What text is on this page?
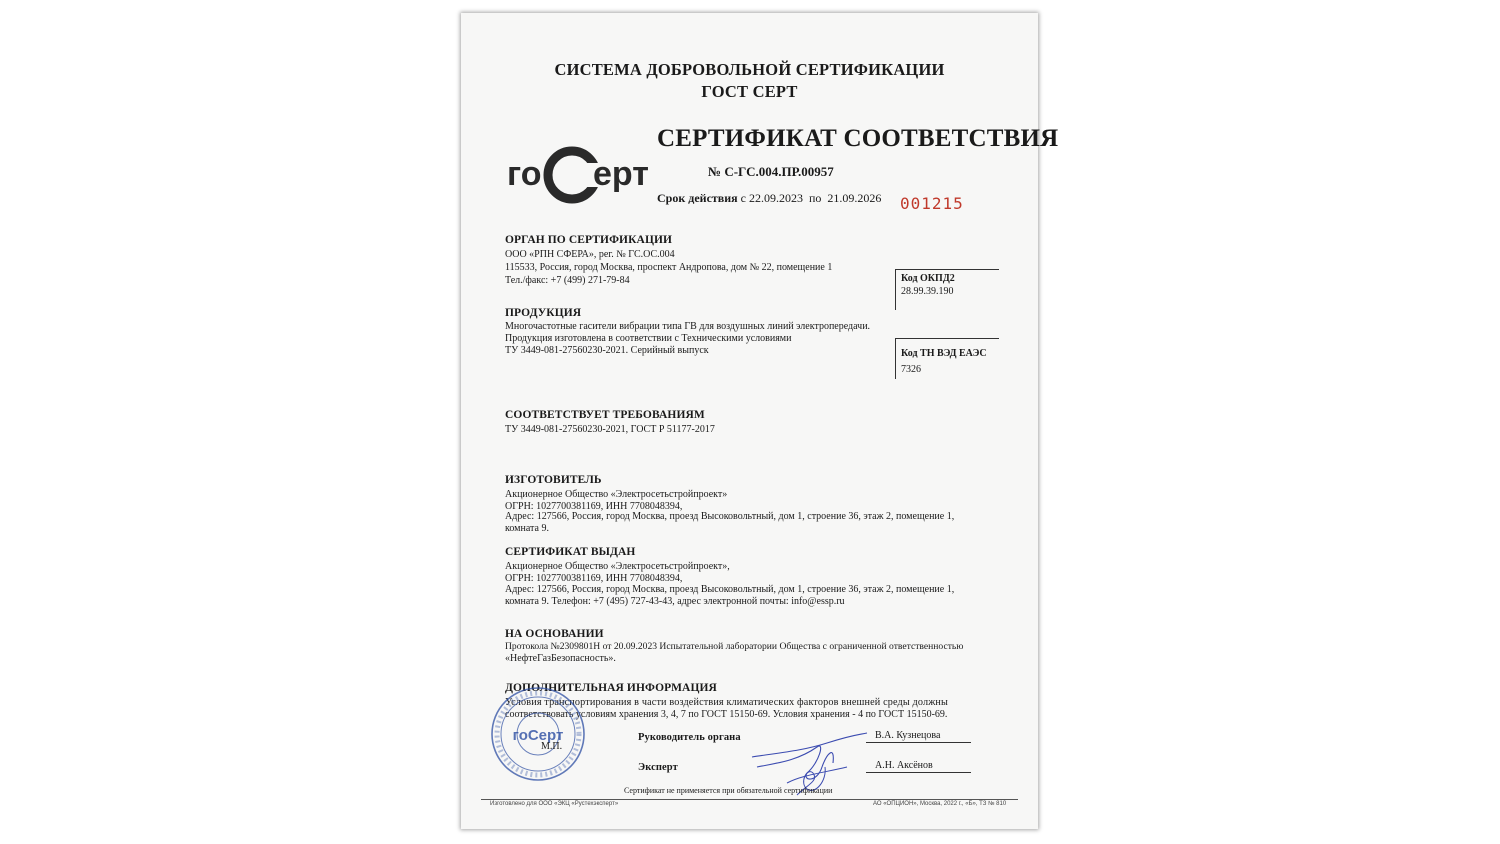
СИСТЕМА ДОБРОВОЛЬНОЙ СЕРТИФИКАЦИИ
ГОСТ СЕРТ
го ерт
СЕРТИФИКАТ СООТВЕТСТВИЯ
№ С-ГС.004.ПР.00957
Срок действия с 22.09.2023 по 21.09.2026 001215
ОРГАН ПО СЕРТИФИКАЦИИ
ООО «РПН СФЕРА», рег. № ГС.ОС.004
115533, Россия, город Москва, проспект Андропова, дом № 22, помещение 1
Тел./факс: +7 (499) 271-79-84	Код ОКПД2
28.99.39.190
ПРОДУКЦИЯ
Многочастотные гасители вибрации типа ГВ для воздушных линий электропередачи.
Продукция изготовлена в соответствии с Техническими условиями
ТУ 3449-081-27560230-2021. Серийный выпуск	Код ТН ВЭД ЕАЭС
7326
СООТВЕТСТВУЕТ ТРЕБОВАНИЯМ
ТУ 3449-081-27560230-2021, ГОСТ Р 51177-2017
ИЗГОТОВИТЕЛЬ
Акционерное Общество «Электросетьстройпроект»
ОГРН: 1027700381169, ИНН 7708048394,
Адрес: 127566, Россия, город Москва, проезд Высоковольтный, дом 1, строение 36, этаж 2, помещение 1,
комната 9.
СЕРТИФИКАТ ВЫДАН
Акционерное Общество «Электросетьстройпроект»,
ОГРН: 1027700381169, ИНН 7708048394,
Адрес: 127566, Россия, город Москва, проезд Высоковольтный, дом 1, строение 36, этаж 2, помещение 1,
комната 9. Телефон: +7 (495) 727-43-43, адрес электронной почты: info@essp.ru
НА ОСНОВАНИИ
Протокола №2309801Н от 20.09.2023 Испытательной лаборатории Общества с ограниченной ответственностью
«НефтеГазБезопасность».
ДОПОЛНИТЕЛЬНАЯ ИНФОРМАЦИЯ
Условия транспортирования в части воздействия климатических факторов внешней среды должны
соответствовать условиям хранения 3, 4, 7 по ГОСТ 15150-69. Условия хранения - 4 по ГОСТ 15150-69.
гоСерт
М.П.
Руководитель органа	В.А. Кузнецова
Эксперт	А.Н. Аксёнов
Сертификат не применяется при обязательной сертификации
Изготовлено для ООО «ЭКЦ «Рустехэксперт»	АО «ОПЦИОН», Москва, 2022 г., «Б», ТЗ № 810
